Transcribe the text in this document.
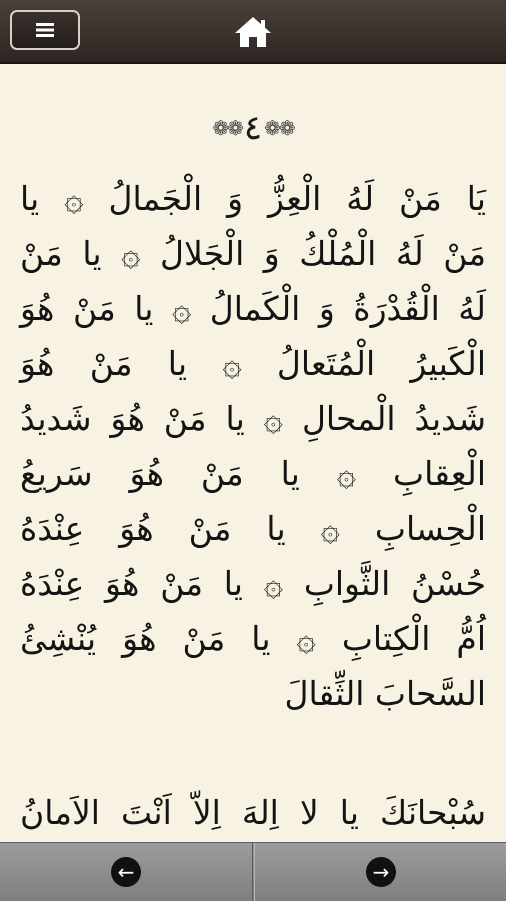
❁❁
٤
❁❁
يَا مَنْ لَهُ الْعِزُّ وَ الْجَمالُ ۞ يا
مَنْ لَهُ الْمُلْكُ وَ الْجَلالُ ۞ يا مَنْ
لَهُ الْقُدْرَةُ وَ الْكَمالُ ۞ يا مَنْ هُوَ
الْكَبيرُ الْمُتَعالُ ۞ يا مَنْ هُوَ
شَديدُ الْمحالِ ۞ يا مَنْ هُوَ شَديدُ
الْعِقابِ ۞ يا مَنْ هُوَ سَريعُ
الْحِسابِ ۞ يا مَنْ هُوَ عِنْدَهُ
حُسْنُ الثَّوابِ ۞ يا مَنْ هُوَ عِنْدَهُ
اُمُّ الْكِتابِ ۞ يا مَنْ هُوَ يُنْشِئُ
السَّحابَ الثِّقالَ
سُبْحانَكَ يا لا اِلهَ اِلاّ اَنْتَ الاَمانُ
←	→
